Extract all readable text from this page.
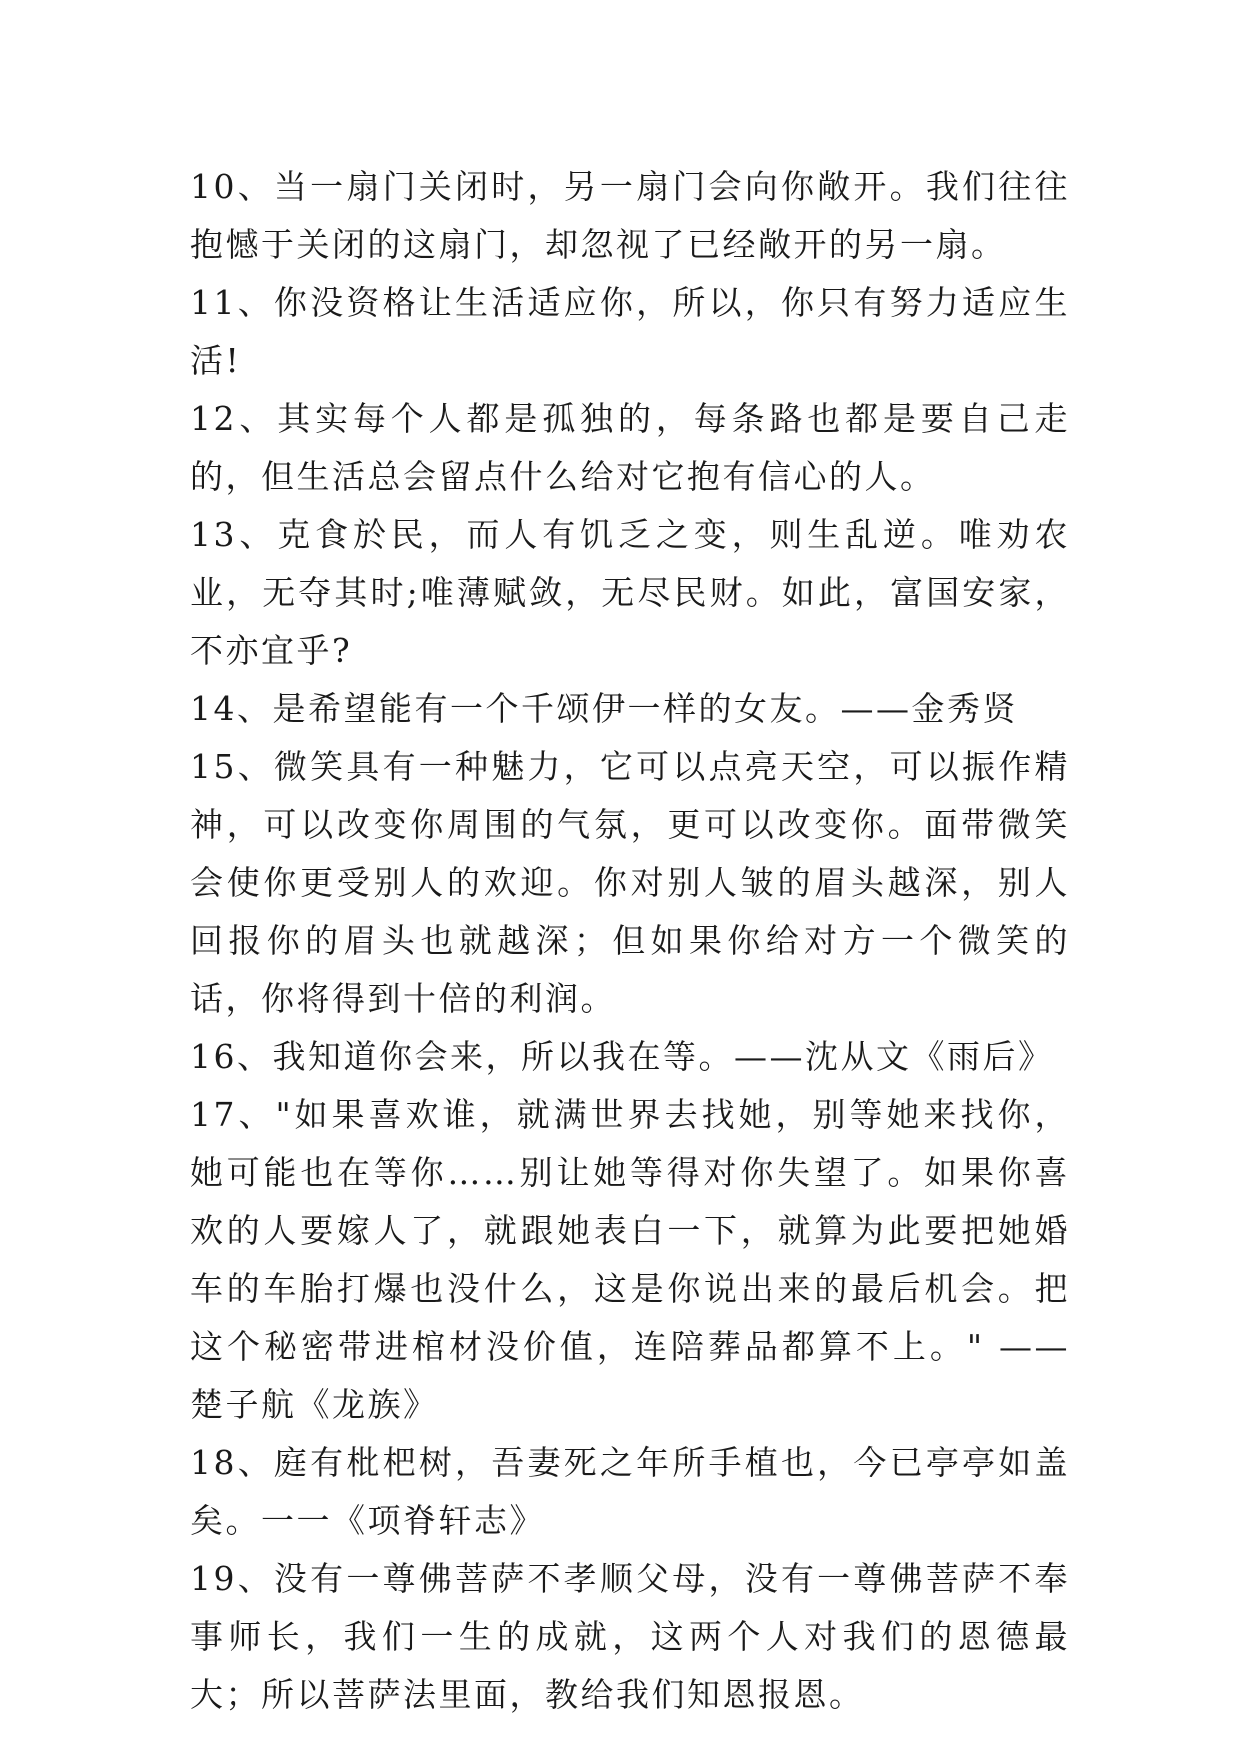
10、当一扇门关闭时，另一扇门会向你敞开。我们往往抱憾于关闭的这扇门，却忽视了已经敞开的另一扇。

11、你没资格让生活适应你，所以，你只有努力适应生活!

12、其实每个人都是孤独的，每条路也都是要自己走的，但生活总会留点什么给对它抱有信心的人。

13、克食於民，而人有饥乏之变，则生乱逆。唯劝农业，无夺其时;唯薄赋敛，无尽民财。如此，富国安家，不亦宜乎?

14、是希望能有一个千颂伊一样的女友。——金秀贤

15、微笑具有一种魅力，它可以点亮天空，可以振作精神，可以改变你周围的气氛，更可以改变你。面带微笑会使你更受别人的欢迎。你对别人皱的眉头越深，别人回报你的眉头也就越深；但如果你给对方一个微笑的话，你将得到十倍的利润。

16、我知道你会来，所以我在等。——沈从文《雨后》

17、"如果喜欢谁，就满世界去找她，别等她来找你，她可能也在等你……别让她等得对你失望了。如果你喜欢的人要嫁人了，就跟她表白一下，就算为此要把她婚车的车胎打爆也没什么，这是你说出来的最后机会。把这个秘密带进棺材没价值，连陪葬品都算不上。" ——楚子航《龙族》

18、庭有枇杷树，吾妻死之年所手植也，今已亭亭如盖矣。一一《项脊轩志》

19、没有一尊佛菩萨不孝顺父母，没有一尊佛菩萨不奉事师长，我们一生的成就，这两个人对我们的恩德最大；所以菩萨法里面，教给我们知恩报恩。
